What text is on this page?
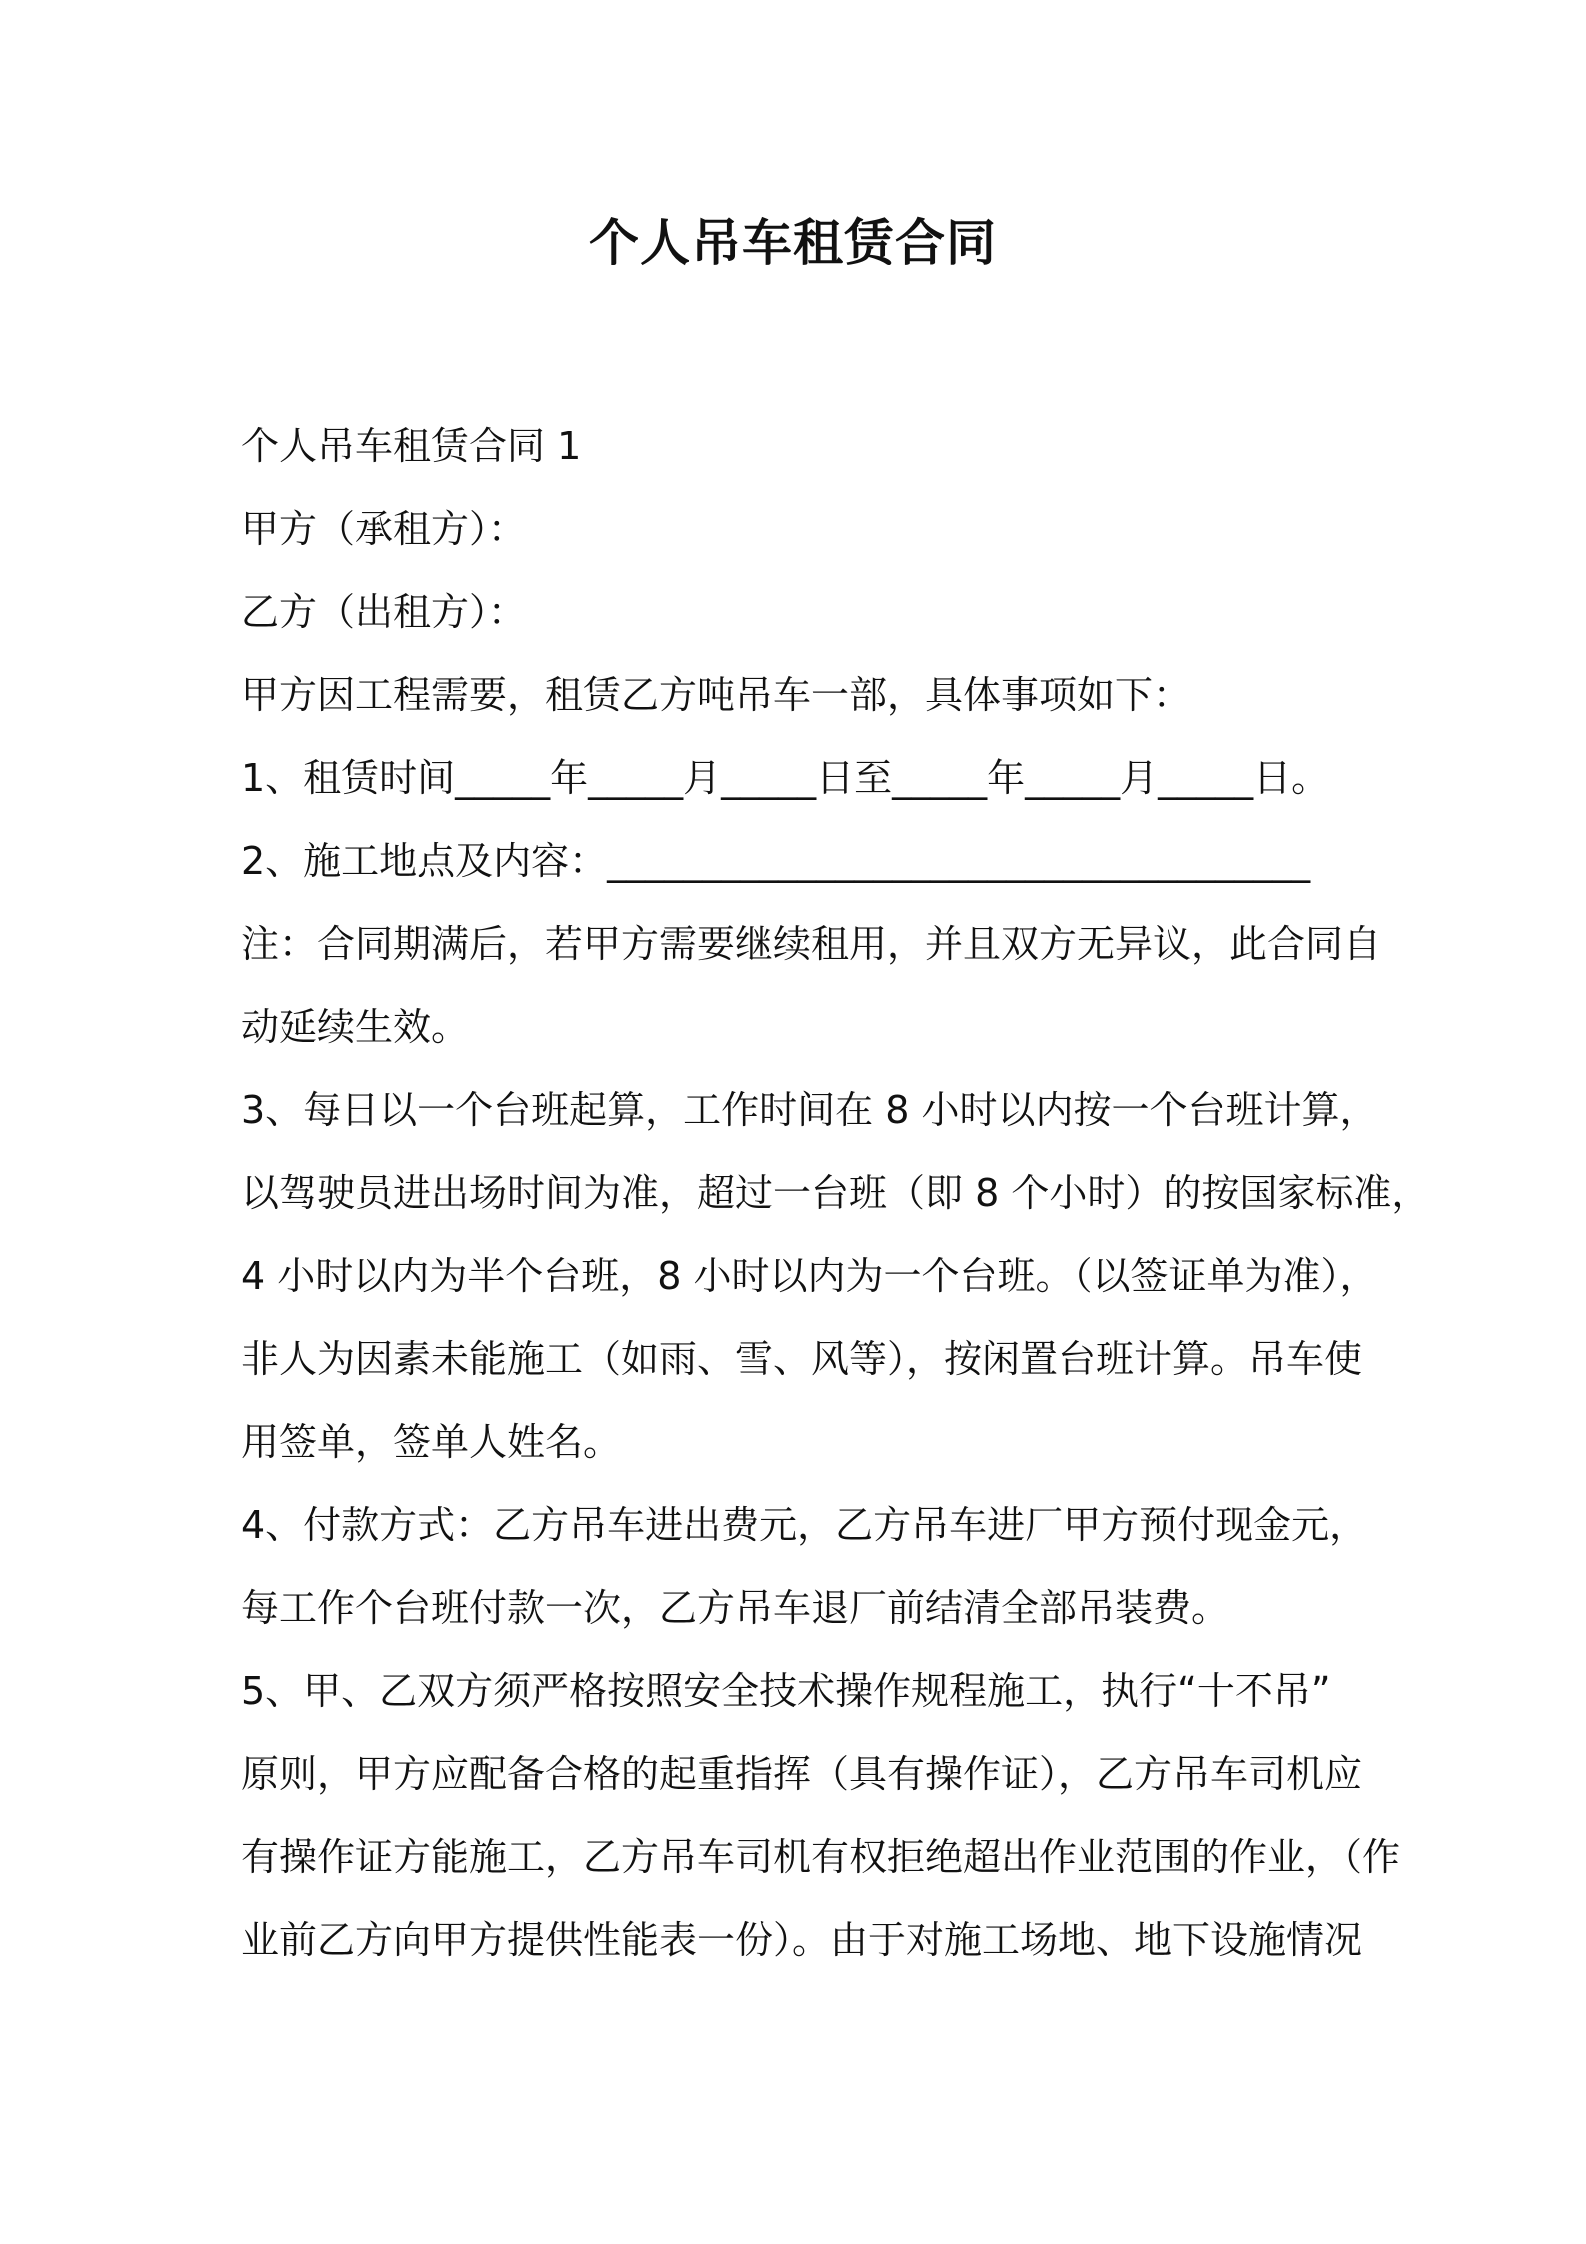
个人吊车租赁合同
个人吊车租赁合同 1
甲方（承租方）：
乙方（出租方）：
甲方因工程需要，租赁乙方吨吊车一部，具体事项如下：
1、租赁时间_____年_____月_____日至_____年_____月_____日。
2、施工地点及内容：_____________________________________
注：合同期满后，若甲方需要继续租用，并且双方无异议，此合同自
动延续生效。
3、每日以一个台班起算，工作时间在 8 小时以内按一个台班计算，
以驾驶员进出场时间为准，超过一台班（即 8 个小时）的按国家标准，
4 小时以内为半个台班，8 小时以内为一个台班。（以签证单为准），
非人为因素未能施工（如雨、雪、风等），按闲置台班计算。吊车使
用签单，签单人姓名。
4、付款方式：乙方吊车进出费元，乙方吊车进厂甲方预付现金元，
每工作个台班付款一次，乙方吊车退厂前结清全部吊装费。
5、甲、乙双方须严格按照安全技术操作规程施工，执行“十不吊”
原则，甲方应配备合格的起重指挥（具有操作证），乙方吊车司机应
有操作证方能施工，乙方吊车司机有权拒绝超出作业范围的作业，（作
业前乙方向甲方提供性能表一份）。由于对施工场地、地下设施情况
